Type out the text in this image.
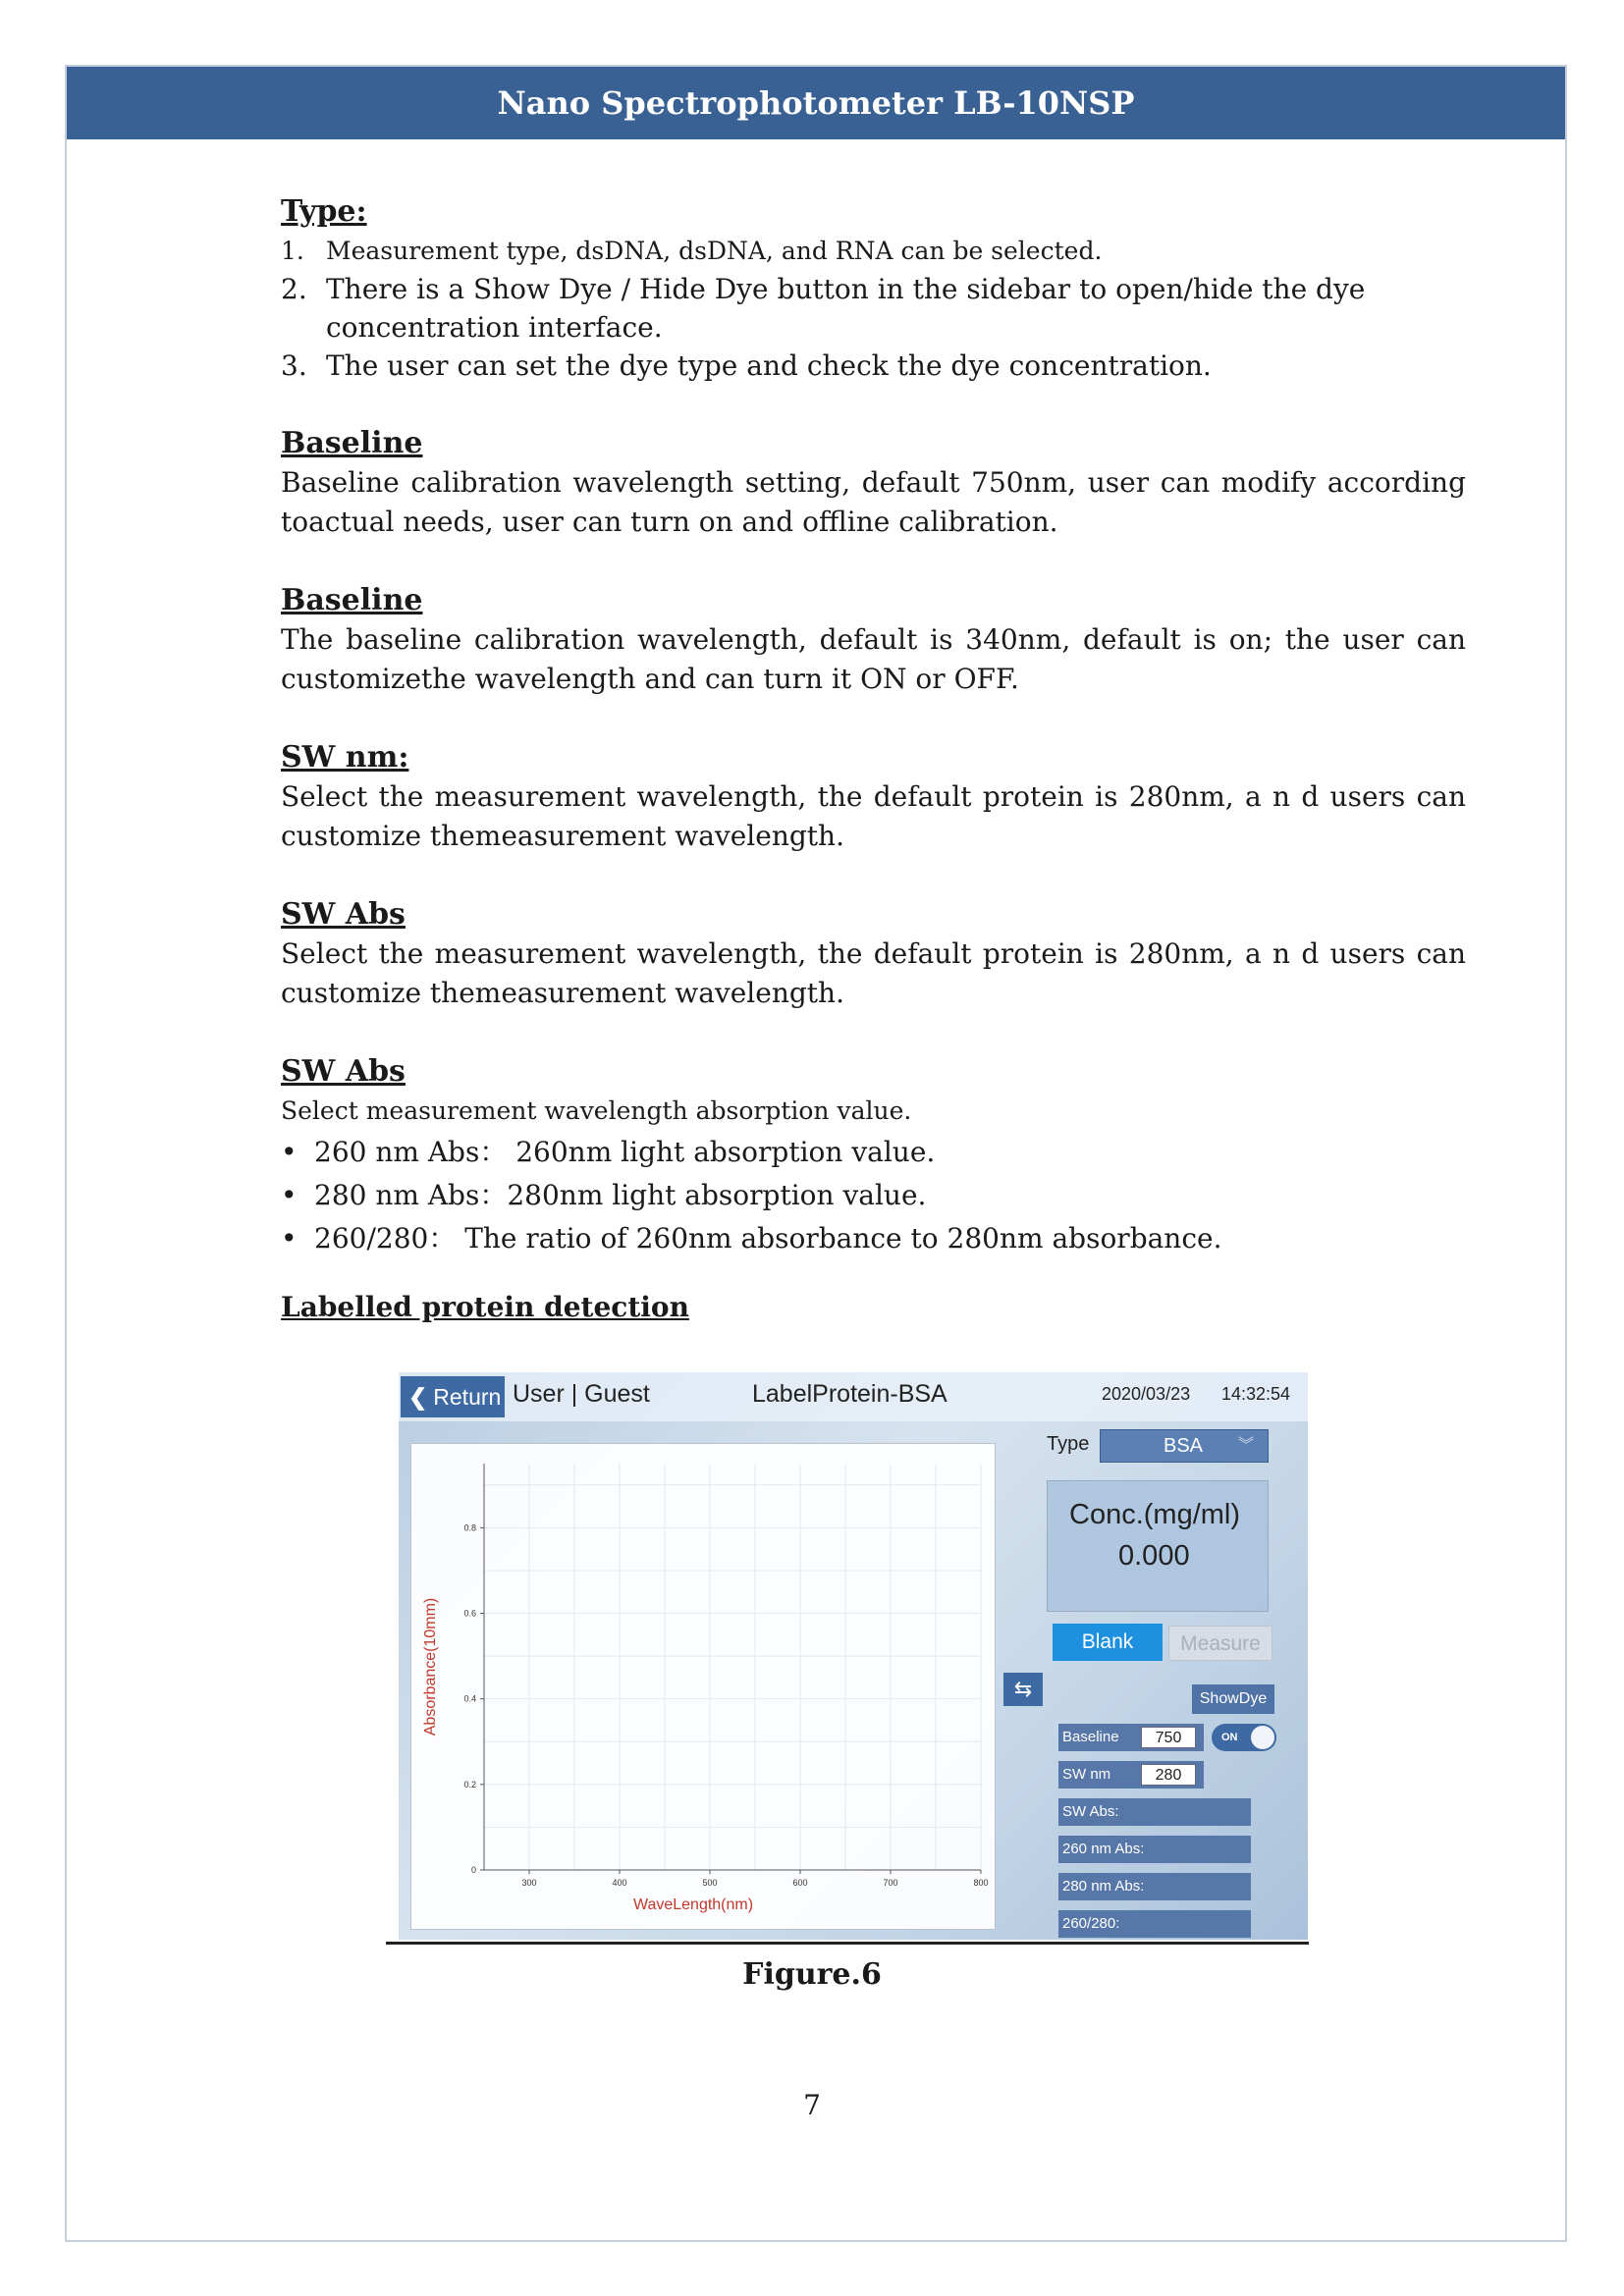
Nano Spectrophotometer LB-10NSP
Type:
1. Measurement type, dsDNA, dsDNA, and RNA can be selected.
2. There is a Show Dye / Hide Dye button in the sidebar to open/hide the dye concentration interface.
3. The user can set the dye type and check the dye concentration.
Baseline
Baseline calibration wavelength setting, default 750nm, user can modify according toactual needs, user can turn on and offline calibration.
Baseline
The baseline calibration wavelength, default is 340nm, default is on; the user can customizethe wavelength and can turn it ON or OFF.
SW nm:
Select the measurement wavelength, the default protein is 280nm, a n d users can customize themeasurement wavelength.
SW Abs
Select the measurement wavelength, the default protein is 280nm, a n d users can customize themeasurement wavelength.
SW Abs
Select measurement wavelength absorption value.
• 260 nm Abs： 260nm light absorption value.
• 280 nm Abs：280nm light absorption value.
• 260/280： The ratio of 260nm absorbance to 280nm absorbance.
Labelled protein detection
❮ Return User | Guest	LabelProtein-BSA	2020/03/23 14:32:54
300	400	500	600	700	800
0
0.2
0.4
0.6
0.8
WaveLength(nm)
Absorbance(10mm)
Type	BSA ︾
Conc.(mg/ml)
0.000
Blank	Measure
⇆	ShowDye
Baseline	750	ON
SW nm	280
SW Abs:
260 nm Abs:
280 nm Abs:
260/280:
Figure.6
7
